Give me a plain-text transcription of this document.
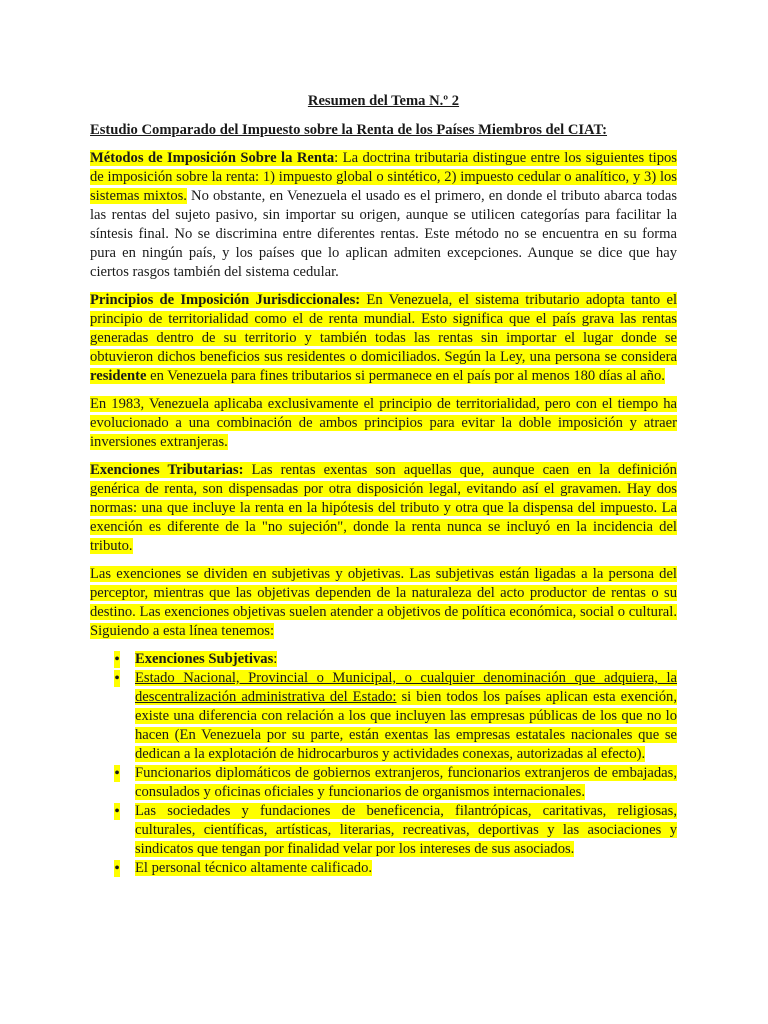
Resumen del Tema N.º 2
Estudio Comparado del Impuesto sobre la Renta de los Países Miembros del CIAT:

Métodos de Imposición Sobre la Renta: La doctrina tributaria distingue entre los siguientes tipos de imposición sobre la renta: 1) impuesto global o sintético, 2) impuesto cedular o analítico, y 3) los sistemas mixtos. No obstante, en Venezuela el usado es el primero, en donde el tributo abarca todas las rentas del sujeto pasivo, sin importar su origen, aunque se utilicen categorías para facilitar la síntesis final. No se discrimina entre diferentes rentas. Este método no se encuentra en su forma pura en ningún país, y los países que lo aplican admiten excepciones. Aunque se dice que hay ciertos rasgos también del sistema cedular.

Principios de Imposición Jurisdiccionales: En Venezuela, el sistema tributario adopta tanto el principio de territorialidad como el de renta mundial. Esto significa que el país grava las rentas generadas dentro de su territorio y también todas las rentas sin importar el lugar donde se obtuvieron dichos beneficios sus residentes o domiciliados. Según la Ley, una persona se considera residente en Venezuela para fines tributarios si permanece en el país por al menos 180 días al año.

En 1983, Venezuela aplicaba exclusivamente el principio de territorialidad, pero con el tiempo ha evolucionado a una combinación de ambos principios para evitar la doble imposición y atraer inversiones extranjeras.

Exenciones Tributarias: Las rentas exentas son aquellas que, aunque caen en la definición genérica de renta, son dispensadas por otra disposición legal, evitando así el gravamen. Hay dos normas: una que incluye la renta en la hipótesis del tributo y otra que la dispensa del impuesto. La exención es diferente de la "no sujeción", donde la renta nunca se incluyó en la incidencia del tributo.

Las exenciones se dividen en subjetivas y objetivas. Las subjetivas están ligadas a la persona del perceptor, mientras que las objetivas dependen de la naturaleza del acto productor de rentas o su destino. Las exenciones objetivas suelen atender a objetivos de política económica, social o cultural. Siguiendo a esta línea tenemos:

• Exenciones Subjetivas:
• Estado Nacional, Provincial o Municipal, o cualquier denominación que adquiera, la descentralización administrativa del Estado: si bien todos los países aplican esta exención, existe una diferencia con relación a los que incluyen las empresas públicas de los que no lo hacen (En Venezuela por su parte, están exentas las empresas estatales nacionales que se dedican a la explotación de hidrocarburos y actividades conexas, autorizadas al efecto).
• Funcionarios diplomáticos de gobiernos extranjeros, funcionarios extranjeros de embajadas, consulados y oficinas oficiales y funcionarios de organismos internacionales.
• Las sociedades y fundaciones de beneficencia, filantrópicas, caritativas, religiosas, culturales, científicas, artísticas, literarias, recreativas, deportivas y las asociaciones y sindicatos que tengan por finalidad velar por los intereses de sus asociados.
• El personal técnico altamente calificado.
